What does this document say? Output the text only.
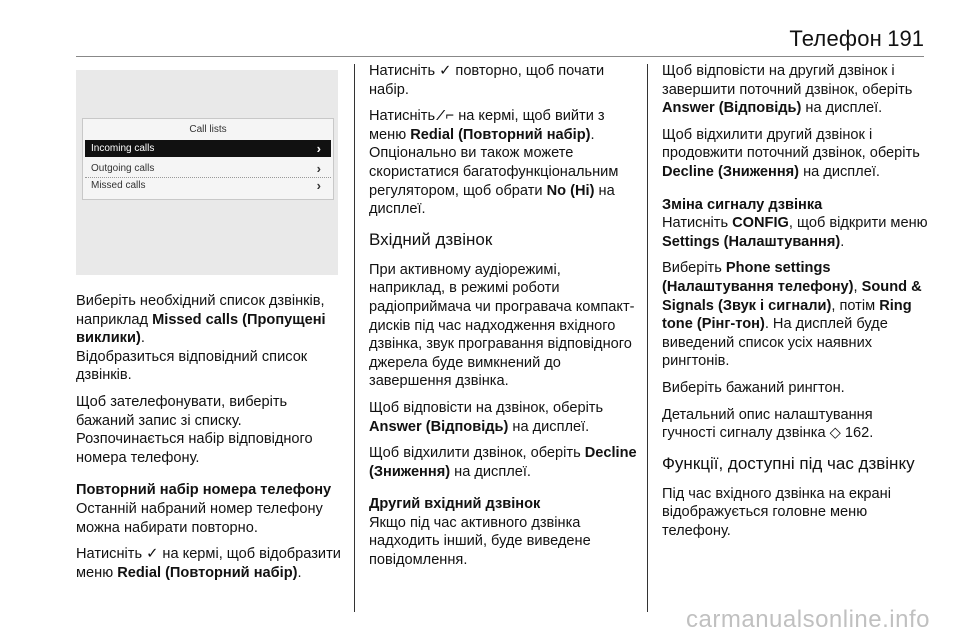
Телефон 191
Call lists
Incoming calls	›
Outgoing calls	›
Missed calls	›

Виберіть необхідний список дзвінків, наприклад Missed calls (Пропущені виклики).
Відобразиться відповідний список дзвінків.

Щоб зателефонувати, виберіть бажаний запис зі списку.
Розпочинається набір відповідного номера телефону.

Повторний набір номера телефону

Останній набраний номер телефону можна набирати повторно.

Натисніть ✓ на кермі, щоб відобразити меню Redial (Повторний набір).

Натисніть ✓ повторно, щоб почати набір.

Натисніть ⁄ ⌐ на кермі, щоб вийти з меню Redial (Повторний набір). Опціонально ви також можете скористатися багатофункціональним регулятором, щоб обрати No (Hi) на дисплеї.

Вхідний дзвінок

При активному аудіорежимі, наприклад, в режимі роботи радіоприймача чи програвача компакт-дисків під час надходження вхідного дзвінка, звук програвання відповідного джерела буде вимкнений до завершення дзвінка.

Щоб відповісти на дзвінок, оберіть Answer (Відповідь) на дисплеї.

Щоб відхилити дзвінок, оберіть Decline (Зниження) на дисплеї.

Другий вхідний дзвінок

Якщо під час активного дзвінка надходить інший, буде виведене повідомлення.

Щоб відповісти на другий дзвінок і завершити поточний дзвінок, оберіть Answer (Відповідь) на дисплеї.

Щоб відхилити другий дзвінок і продовжити поточний дзвінок, оберіть Decline (Зниження) на дисплеї.

Зміна сигналу дзвінка

Натисніть CONFIG, щоб відкрити меню Settings (Налаштування).

Виберіть Phone settings (Налаштування телефону), Sound & Signals (Звук і сигнали), потім Ring tone (Рінг-тон). На дисплей буде виведений список усіх наявних рингтонів.

Виберіть бажаний рингтон.

Детальний опис налаштування гучності сигналу дзвінка ◇ 162.

Функції, доступні під час дзвінку

Під час вхідного дзвінка на екрані відображується головне меню телефону.

carmanualsonline.info
